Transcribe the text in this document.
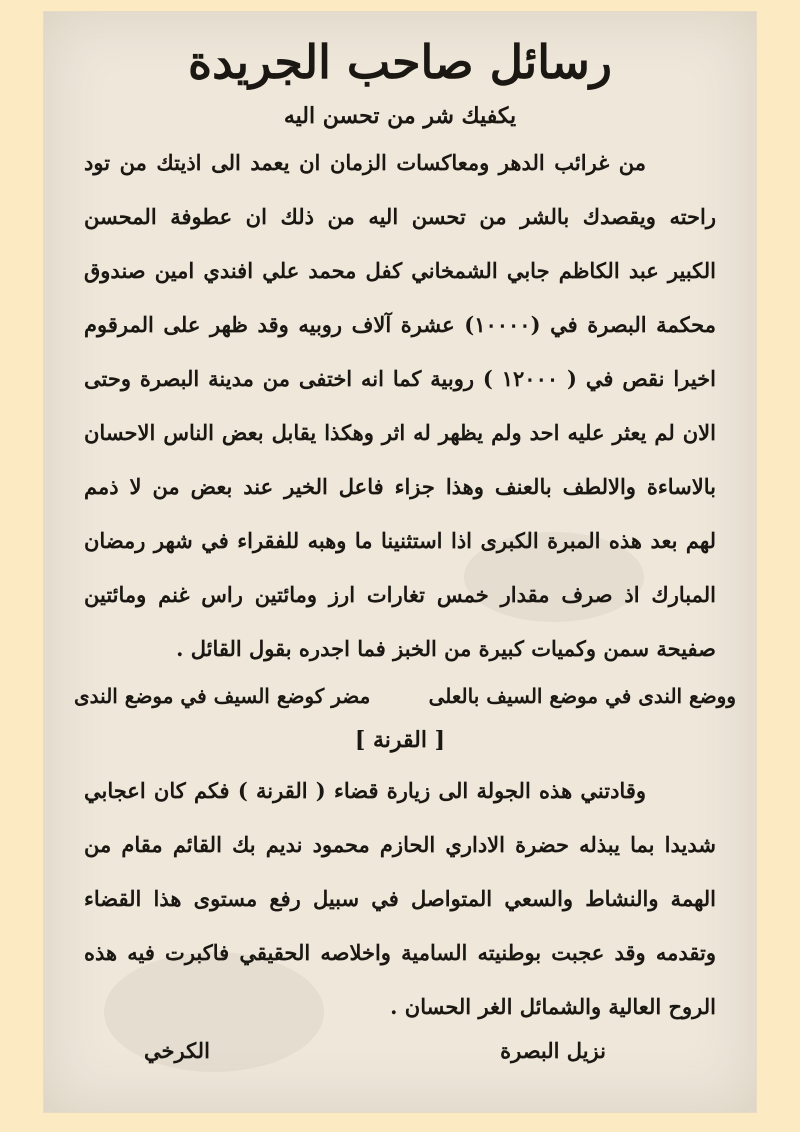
رسائل صاحب الجريدة
يكفيك شر من تحسن اليه
من غرائب الدهر ومعاكسات الزمان ان يعمد الى اذيتك من تود
راحته ويقصدك بالشر من تحسن اليه من ذلك ان عطوفة المحسن
الكبير عبد الكاظم جابي الشمخاني كفل محمد علي افندي امين صندوق
محكمة البصرة في (١٠٠٠٠) عشرة آلاف روبيه وقد ظهر على المرقوم
اخيرا نقص في ( ١٢٠٠٠ ) روبية كما انه اختفى من مدينة البصرة وحتى
الان لم يعثر عليه احد ولم يظهر له اثر وهكذا يقابل بعض الناس الاحسان
بالاساءة والالطف بالعنف وهذا جزاء فاعل الخير عند بعض من لا ذمم
لهم بعد هذه المبرة الكبرى اذا استثنينا ما وهبه للفقراء في شهر رمضان
المبارك اذ صرف مقدار خمس تغارات ارز ومائتين راس غنم ومائتين
صفيحة سمن وكميات كبيرة من الخبز فما اجدره بقول القائل .
ووضع الندى في موضع السيف بالعلى
مضر كوضع السيف في موضع الندى
[ القرنة ]
وقادتني هذه الجولة الى زيارة قضاء ( القرنة ) فكم كان اعجابي
شديدا بما يبذله حضرة الاداري الحازم محمود نديم بك القائم مقام من
الهمة والنشاط والسعي المتواصل في سبيل رفع مستوى هذا القضاء
وتقدمه وقد عجبت بوطنيته السامية واخلاصه الحقيقي فاكبرت فيه هذه
الروح العالية والشمائل الغر الحسان .
نزيل البصرة
الكرخي
